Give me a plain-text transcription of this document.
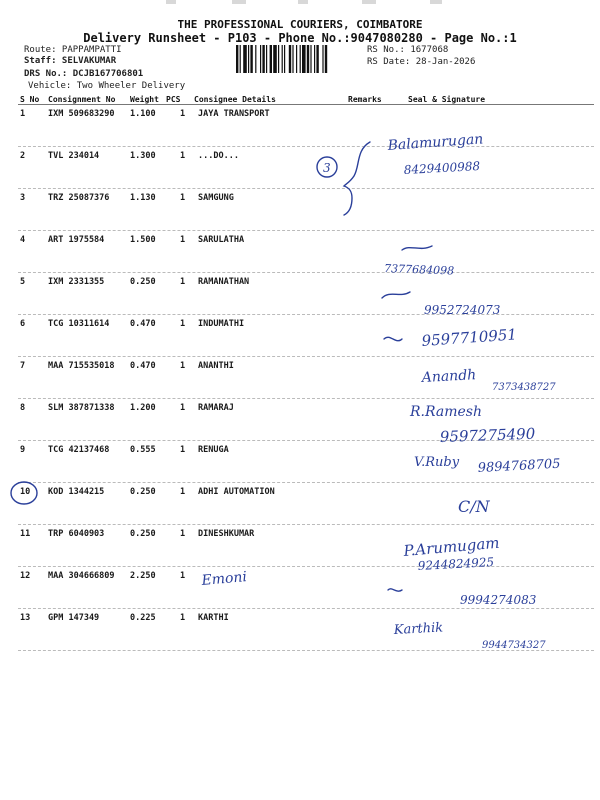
THE PROFESSIONAL COURIERS, COIMBATORE
Delivery Runsheet - P103 - Phone No.:9047080280 - Page No.:1
Route: PAPPAMPATTI
Staff: SELVAKUMAR
DRS No.: DCJB167706801
Vehicle: Two Wheeler Delivery
RS No.: 1677068
RS Date: 28-Jan-2026
S No Consignment No Weight PCS Consignee Details	Remarks	Seal & Signature
1	IXM 509683290 1.100	1 JAYA TRANSPORT
2	TVL 234014	1.300	1 ...DO...
3	TRZ 25087376 1.130	1 SAMGUNG
4	ART 1975584	1.500	1 SARULATHA
5	IXM 2331355	0.250	1 RAMANATHAN
6	TCG 10311614 0.470	1 INDUMATHI
7	MAA 715535018 0.470	1 ANANTHI
8	SLM 387871338 1.200	1 RAMARAJ
9	TCG 42137468 0.555	1 RENUGA
10 KOD 1344215	0.250	1 ADHI AUTOMATION
11 TRP 6040903	0.250	1 DINESHKUMAR
12 MAA 304666809 2.250	1
13 GPM 147349	0.225	1 KARTHI
Balamurugan
8429400988
3
7377684098
9952724073
9597710951
Anandh
7373438727
R.Ramesh
9597275490
V.Ruby 9894768705
C/N
P.Arumugam
9244824925
Emoni
9994274083
Karthik
9944734327
